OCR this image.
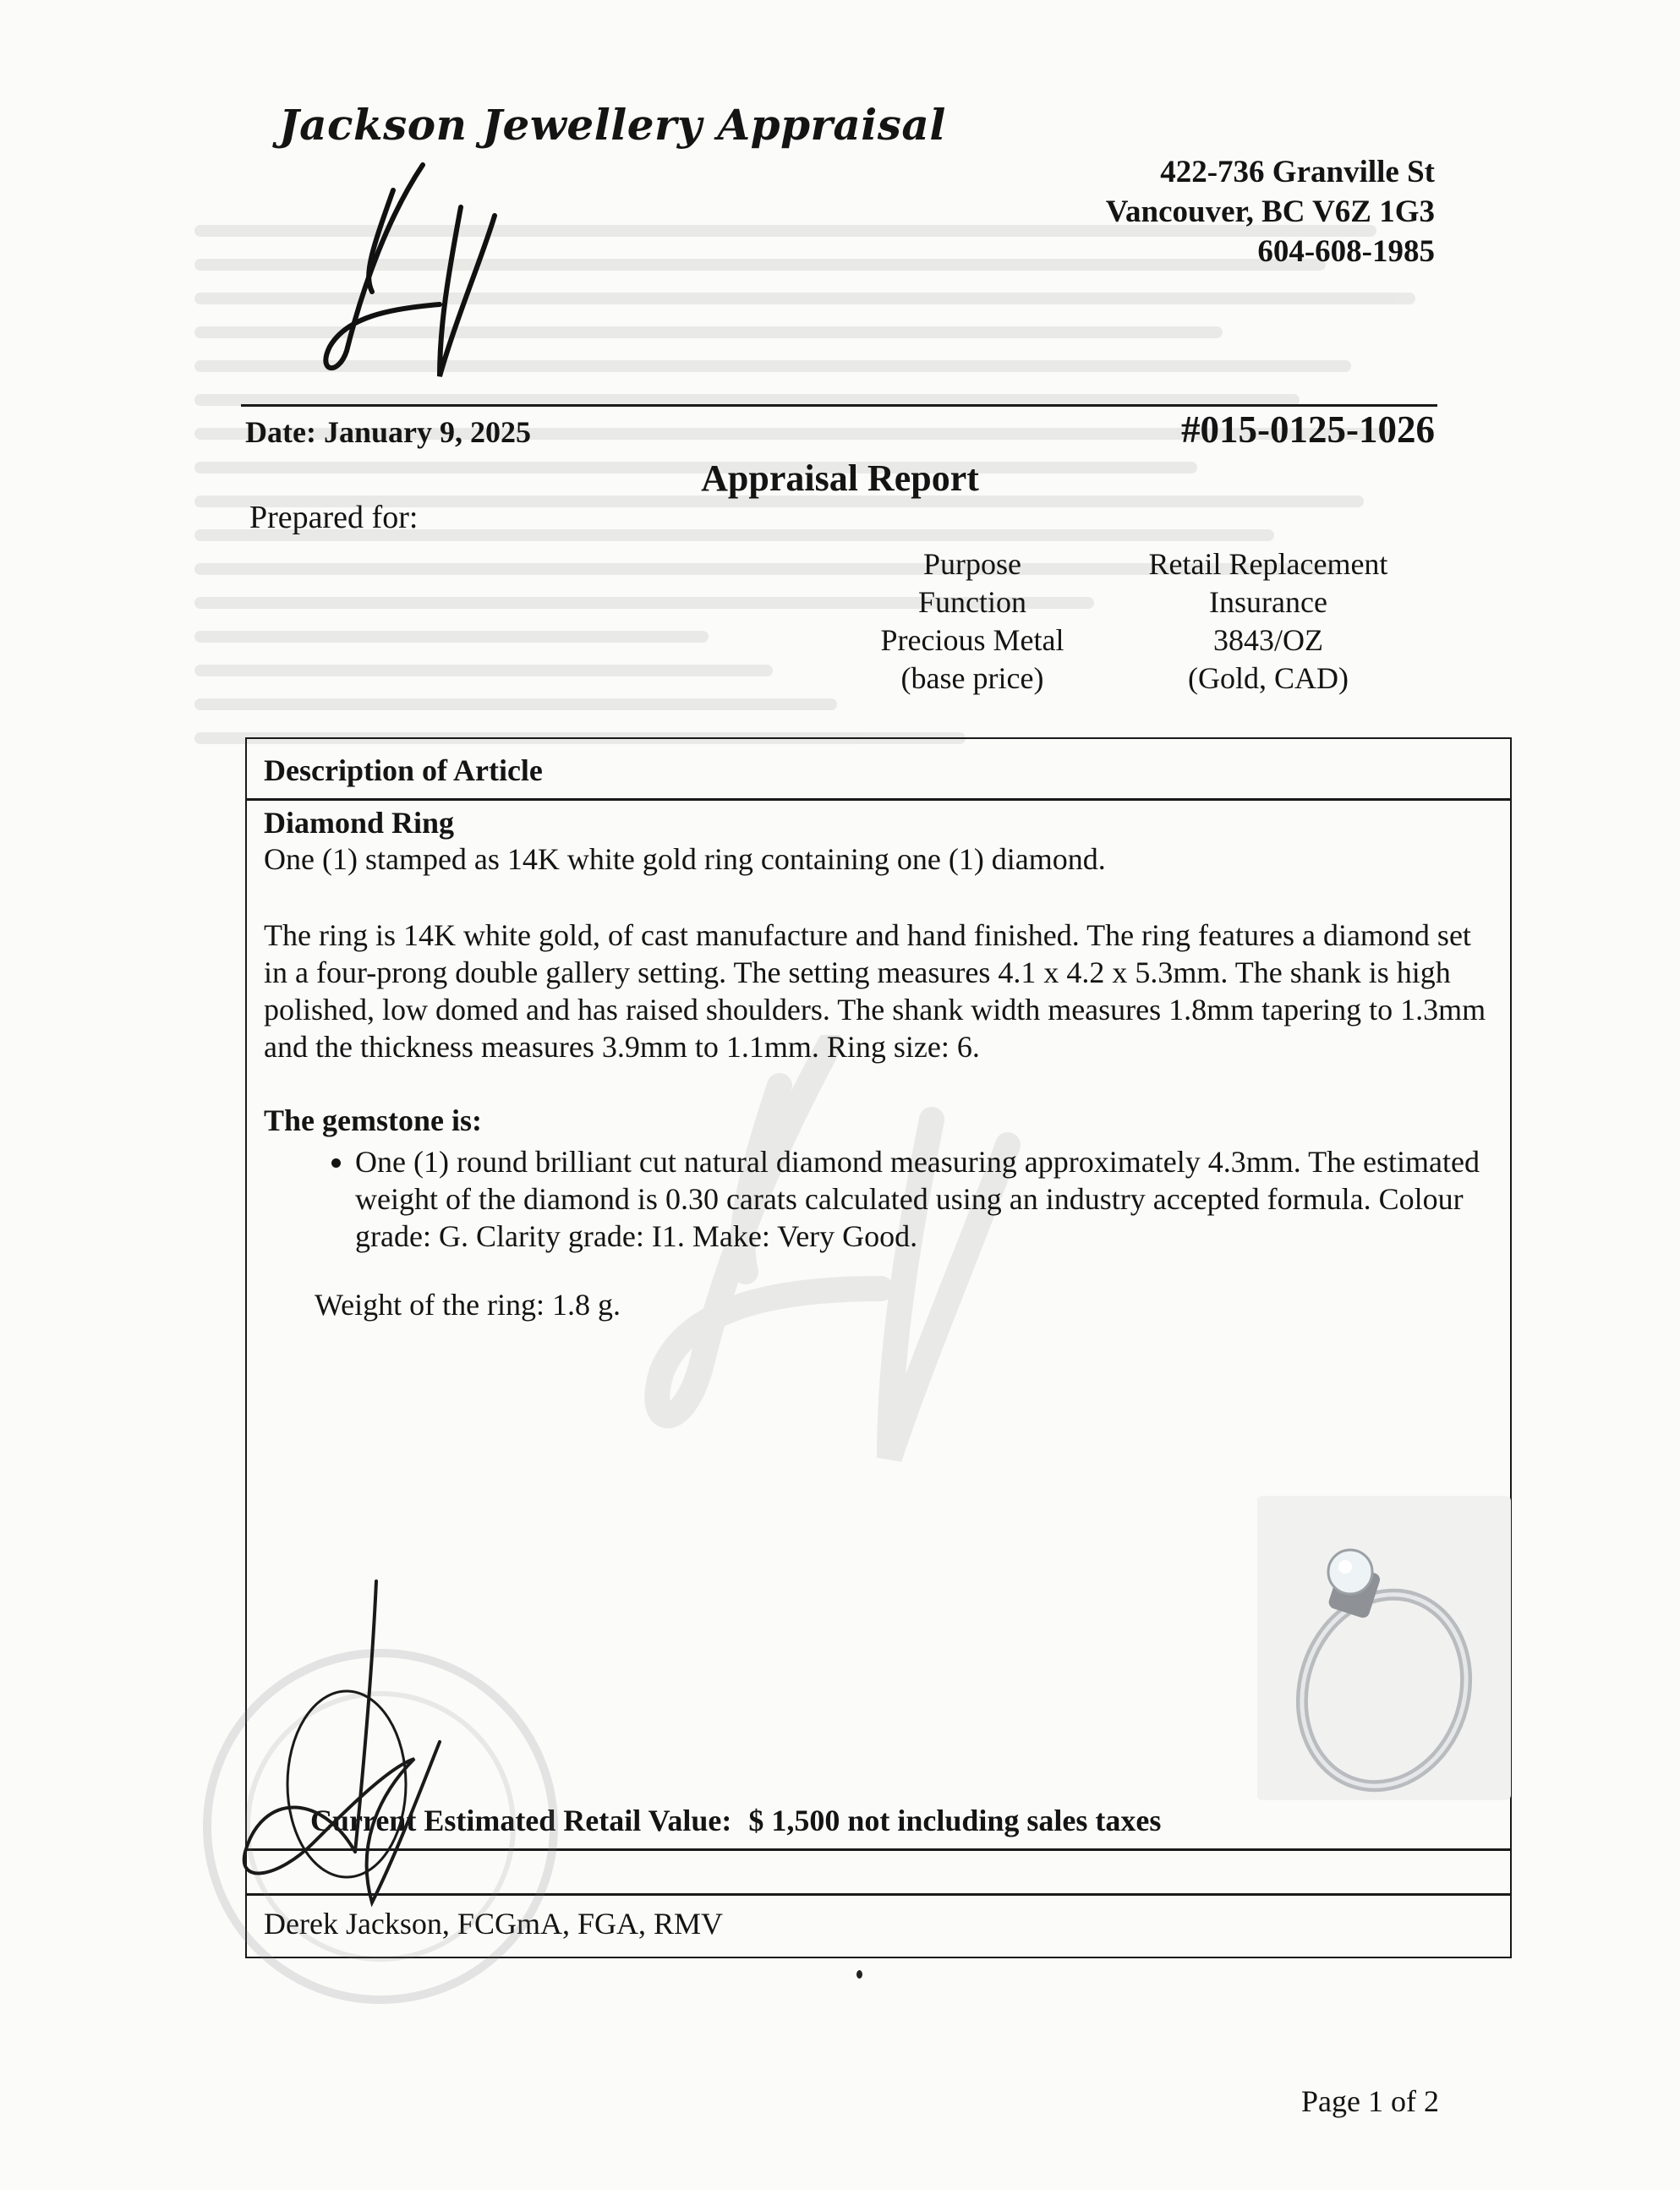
Jackson Jewellery Appraisal
422-736 Granville St
Vancouver, BC V6Z 1G3
604-608-1985
Date: January 9, 2025	#015-0125-1026
Appraisal Report
Prepared for:
Purpose	Retail Replacement
Function	Insurance
Precious Metal	3843/OZ
(base price)	(Gold, CAD)
Description of Article
Diamond Ring

One (1) stamped as 14K white gold ring containing one (1) diamond.

The ring is 14K white gold, of cast manufacture and hand finished. The ring features a diamond set in a four-prong double gallery setting. The setting measures 4.1 x 4.2 x 5.3mm. The shank is high polished, low domed and has raised shoulders. The shank width measures 1.8mm tapering to 1.3mm and the thickness measures 3.9mm to 1.1mm. Ring size: 6.

The gemstone is:
• One (1) round brilliant cut natural diamond measuring approximately 4.3mm. The estimated weight of the diamond is 0.30 carats calculated using an industry accepted formula. Colour grade: G. Clarity grade: I1. Make: Very Good.
Weight of the ring: 1.8 g.
Current Estimated Retail Value: $ 1,500 not including sales taxes
Derek Jackson, FCGmA, FGA, RMV
Page 1 of 2
